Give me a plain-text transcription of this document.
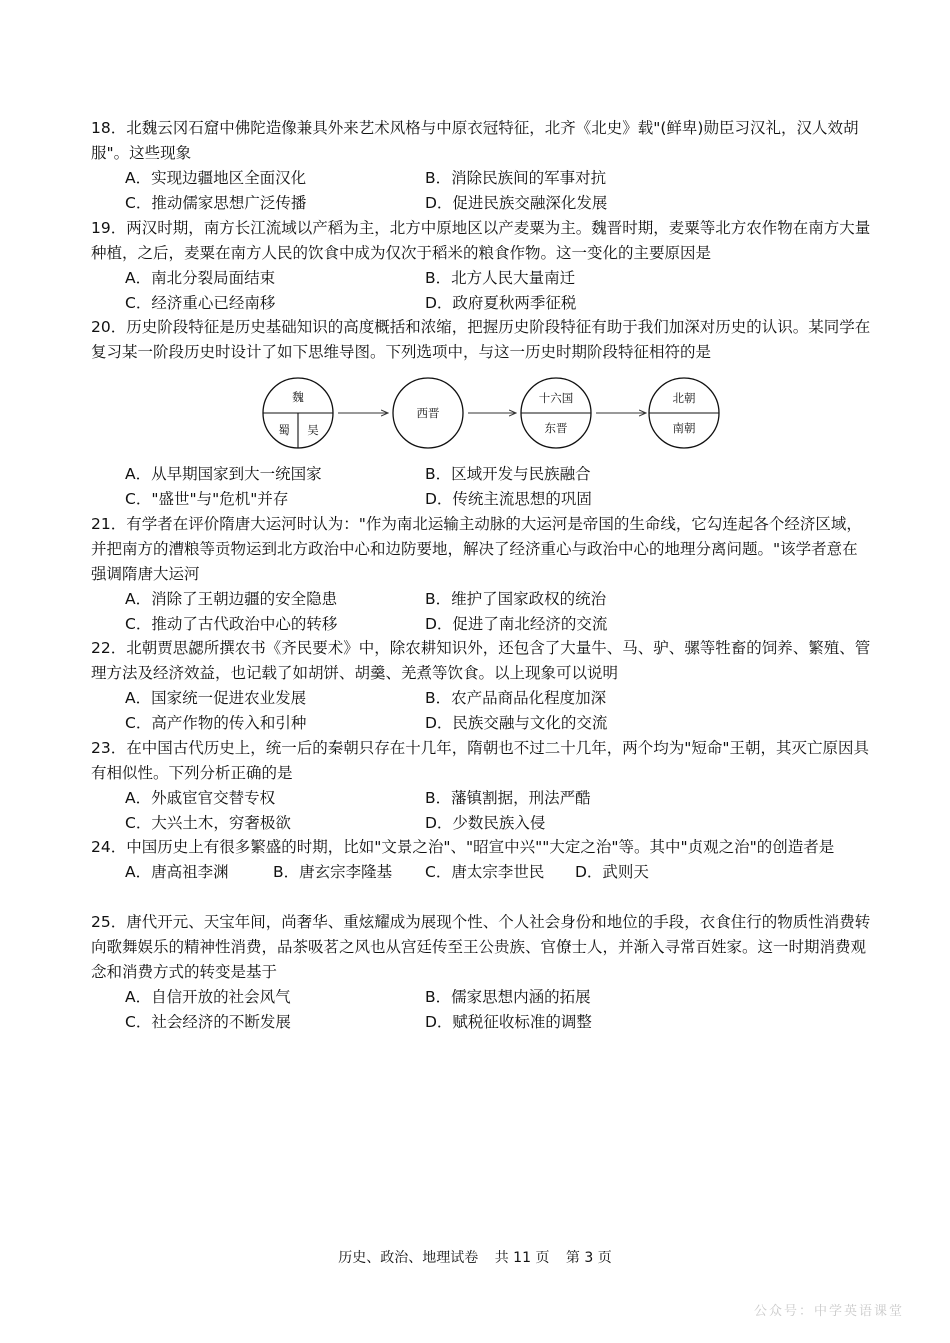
18．北魏云冈石窟中佛陀造像兼具外来艺术风格与中原衣冠特征，北齐《北史》载"(鲜卑)勋臣习汉礼，汉人效胡服"。这些现象
A．实现边疆地区全面汉化	B．消除民族间的军事对抗
C．推动儒家思想广泛传播	D．促进民族交融深化发展
19．两汉时期，南方长江流域以产稻为主，北方中原地区以产麦粟为主。魏晋时期，麦粟等北方农作物在南方大量种植，之后，麦粟在南方人民的饮食中成为仅次于稻米的粮食作物。这一变化的主要原因是
A．南北分裂局面结束	B．北方人民大量南迁
C．经济重心已经南移	D．政府夏秋两季征税
20．历史阶段特征是历史基础知识的高度概括和浓缩，把握历史阶段特征有助于我们加深对历史的认识。某同学在复习某一阶段历史时设计了如下思维导图。下列选项中，与这一历史时期阶段特征相符的是
魏
蜀 吴
西晋
十六国
东晋
北朝
南朝
A．从早期国家到大一统国家	B．区域开发与民族融合
C．"盛世"与"危机"并存	D．传统主流思想的巩固
21．有学者在评价隋唐大运河时认为："作为南北运输主动脉的大运河是帝国的生命线，它勾连起各个经济区域，并把南方的漕粮等贡物运到北方政治中心和边防要地，解决了经济重心与政治中心的地理分离问题。"该学者意在强调隋唐大运河
A．消除了王朝边疆的安全隐患	B．维护了国家政权的统治
C．推动了古代政治中心的转移	D．促进了南北经济的交流
22．北朝贾思勰所撰农书《齐民要术》中，除农耕知识外，还包含了大量牛、马、驴、骡等牲畜的饲养、繁殖、管理方法及经济效益，也记载了如胡饼、胡羹、羌煮等饮食。以上现象可以说明
A．国家统一促进农业发展	B．农产品商品化程度加深
C．高产作物的传入和引种	D．民族交融与文化的交流
23．在中国古代历史上，统一后的秦朝只存在十几年，隋朝也不过二十几年，两个均为"短命"王朝，其灭亡原因具有相似性。下列分析正确的是
A．外戚宦官交替专权	B．藩镇割据，刑法严酷
C．大兴土木，穷奢极欲	D．少数民族入侵
24．中国历史上有很多繁盛的时期，比如"文景之治"、"昭宣中兴""大定之治"等。其中"贞观之治"的创造者是
A．唐高祖李渊	B．唐玄宗李隆基 C．唐太宗李世民 D．武则天
25．唐代开元、天宝年间，尚奢华、重炫耀成为展现个性、个人社会身份和地位的手段，衣食住行的物质性消费转向歌舞娱乐的精神性消费，品茶吸茗之风也从宫廷传至王公贵族、官僚士人，并渐入寻常百姓家。这一时期消费观念和消费方式的转变是基于
A．自信开放的社会风气	B．儒家思想内涵的拓展
C．社会经济的不断发展	D．赋税征收标准的调整
历史、政治、地理试卷 共 11 页 第 3 页
公众号：中学英语课堂
